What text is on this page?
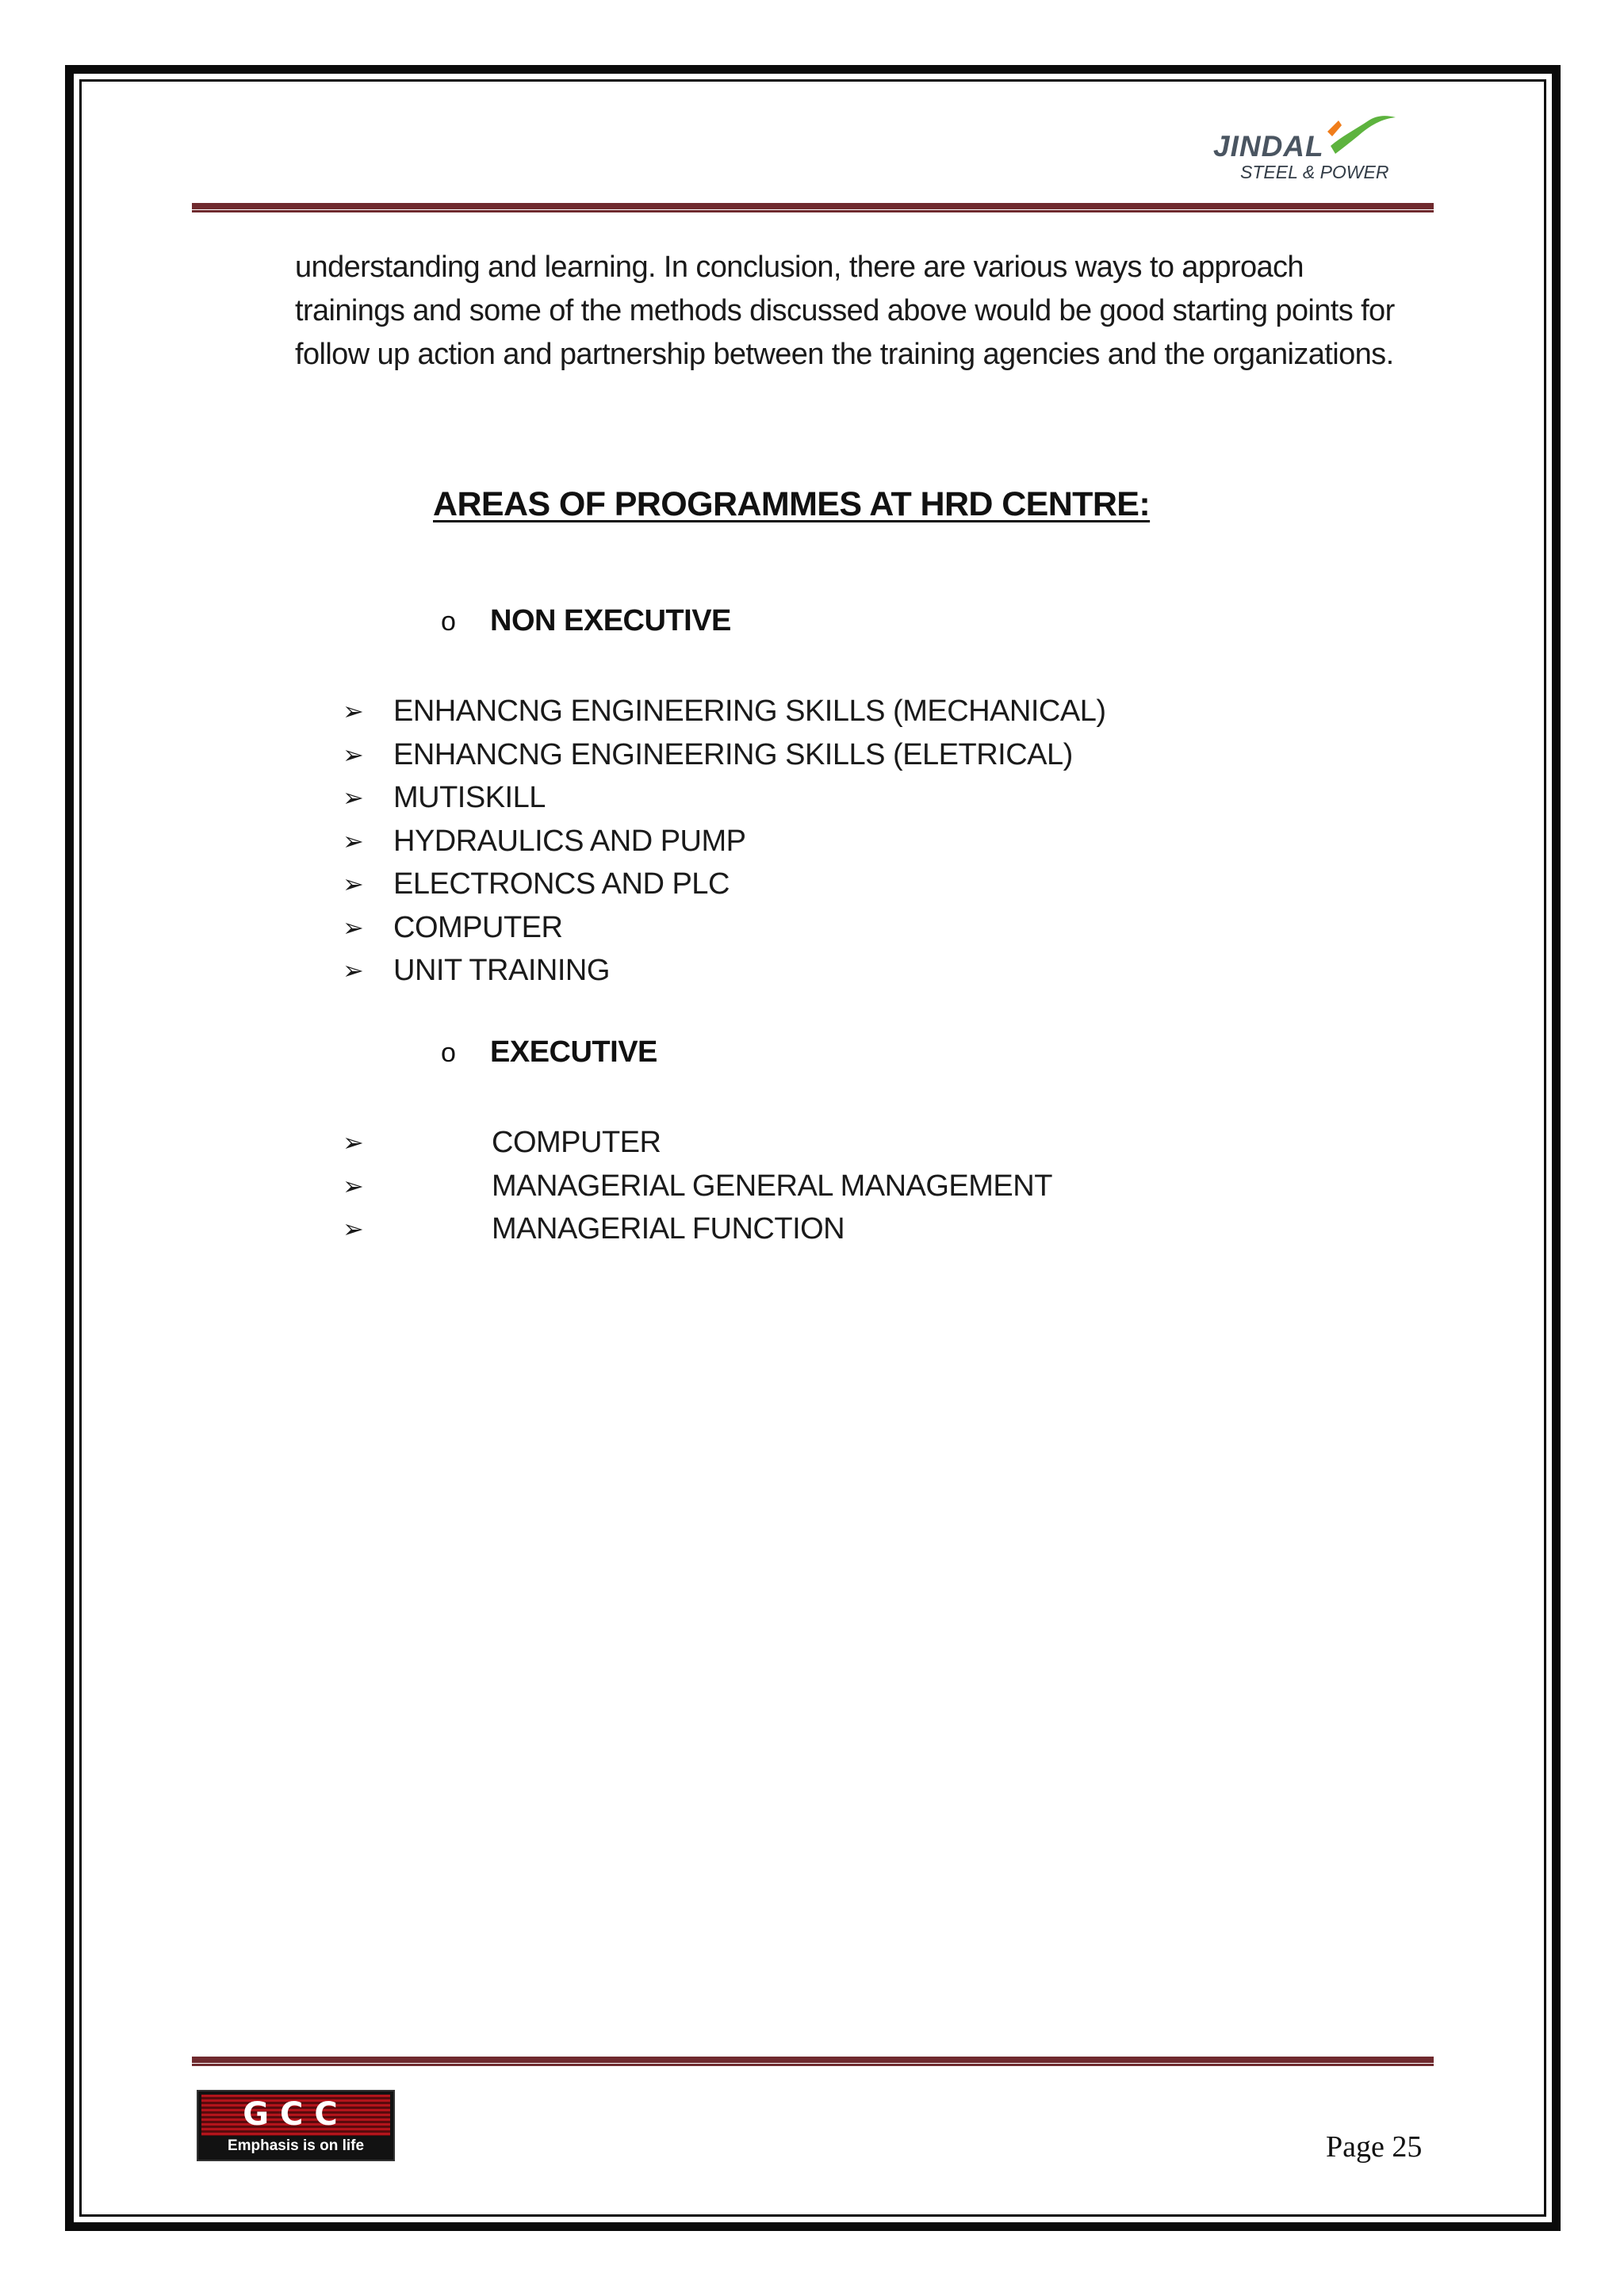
JINDAL
STEEL & POWER

understanding and learning. In conclusion, there are various ways to approach trainings and some of the methods discussed above would be good starting points for follow up action and partnership between the training agencies and the organizations.

AREAS OF PROGRAMMES AT HRD CENTRE:
o NON EXECUTIVE
➢ ENHANCNG ENGINEERING SKILLS (MECHANICAL)
➢ ENHANCNG ENGINEERING SKILLS (ELETRICAL)
➢ MUTISKILL
➢ HYDRAULICS AND PUMP
➢ ELECTRONCS AND PLC
➢ COMPUTER
➢ UNIT TRAINING
o EXECUTIVE
➢	COMPUTER
➢	MANAGERIAL GENERAL MANAGEMENT
➢	MANAGERIAL FUNCTION
GCC
Emphasis is on life	Page 25
